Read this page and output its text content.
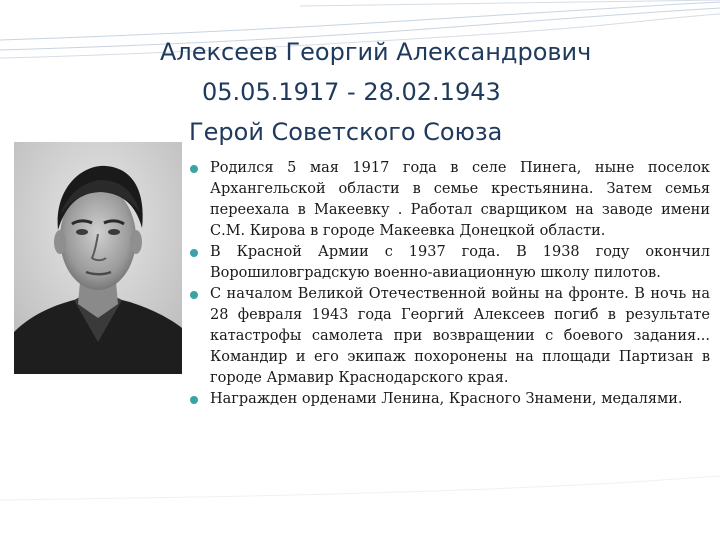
Алексеев Георгий Александрович
05.05.1917 - 28.02.1943
Герой Советского Союза
Родился 5 мая 1917 года в селе Пинега, ныне поселок Архангельской области в семье крестьянина. Затем семья переехала в Макеевку . Работал сварщиком на заводе имени С.М. Кирова в городе Макеевка Донецкой области.
В Красной Армии с 1937 года. В 1938 году окончил Ворошиловградскую военно-авиационную школу пилотов.
С началом Великой Отечественной войны на фронте. В ночь на 28 февраля 1943 года Георгий Алексеев погиб в результате катастрофы самолета при возвращении с боевого задания... Командир и его экипаж похоронены на площади Партизан в городе Армавир Краснодарского края.
Награжден орденами Ленина, Красного Знамени, медалями.
